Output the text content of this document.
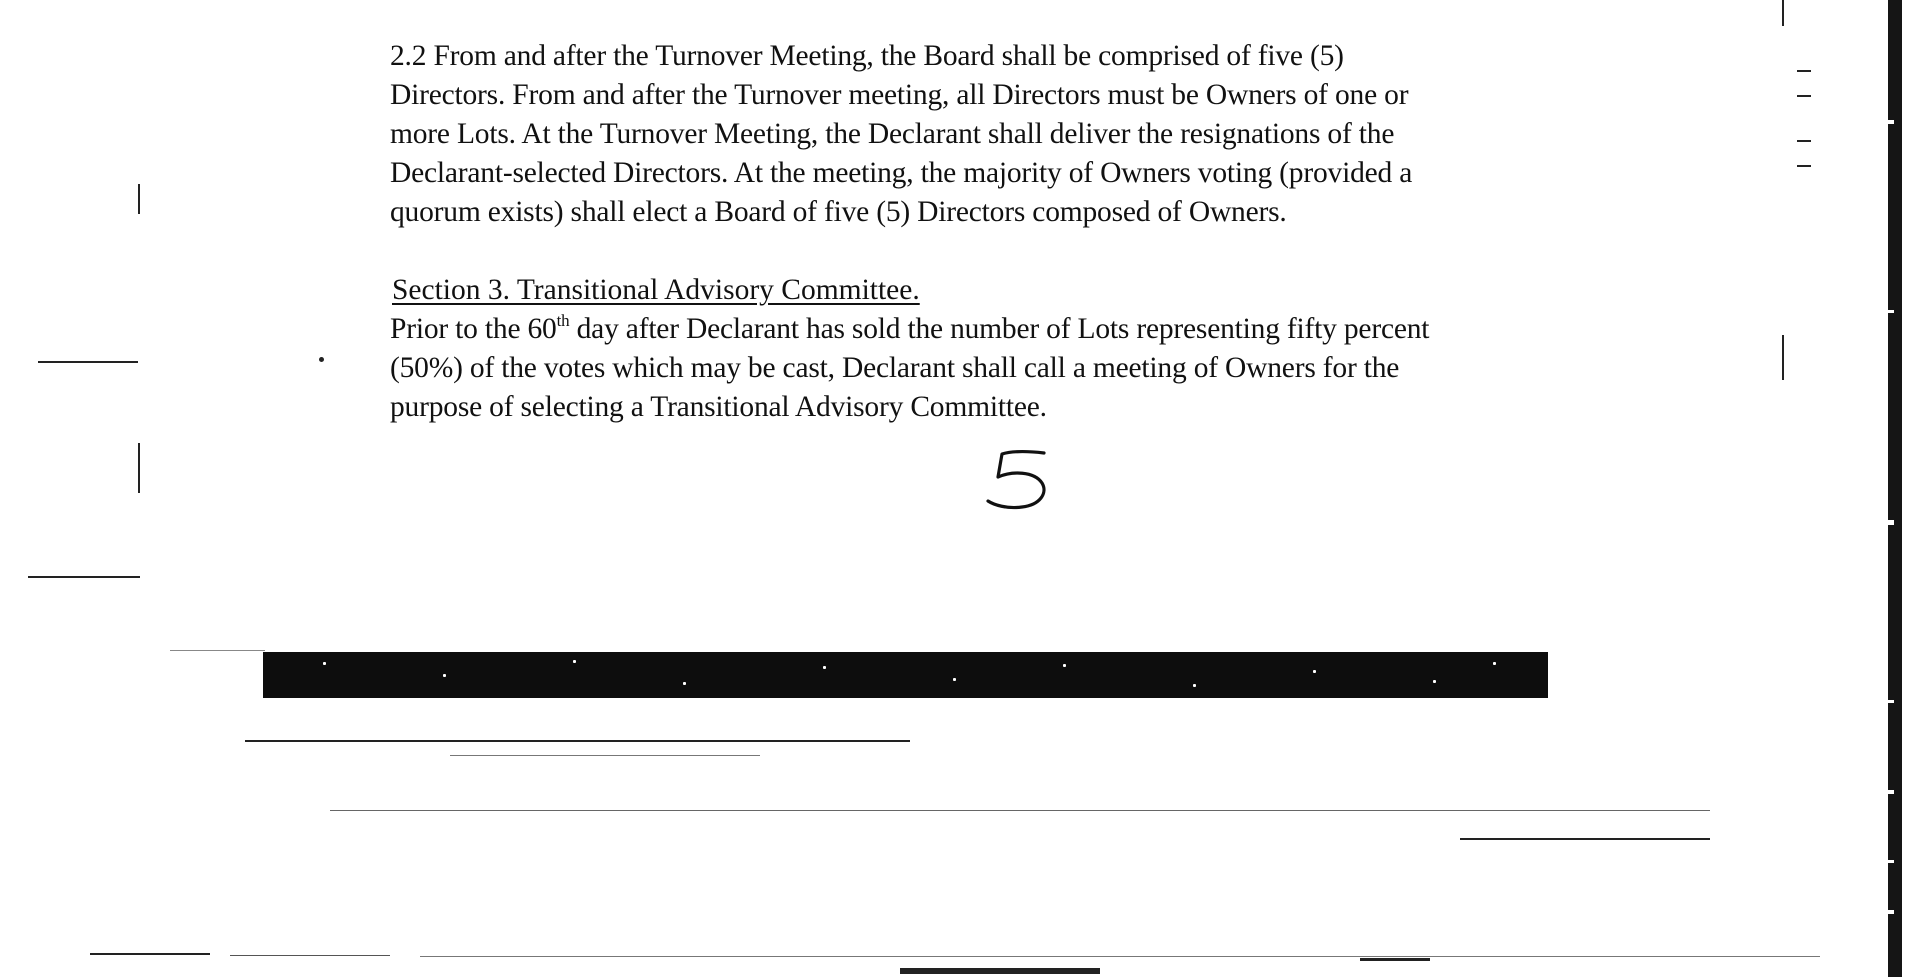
2.2 From and after the Turnover Meeting, the Board shall be comprised of five (5)
Directors. From and after the Turnover meeting, all Directors must be Owners of one or
more Lots. At the Turnover Meeting, the Declarant shall deliver the resignations of the
Declarant-selected Directors. At the meeting, the majority of Owners voting (provided a
quorum exists) shall elect a Board of five (5) Directors composed of Owners.

Section 3. Transitional Advisory Committee.

Prior to the 60th day after Declarant has sold the number of Lots representing fifty percent
(50%) of the votes which may be cast, Declarant shall call a meeting of Owners for the
purpose of selecting a Transitional Advisory Committee.
